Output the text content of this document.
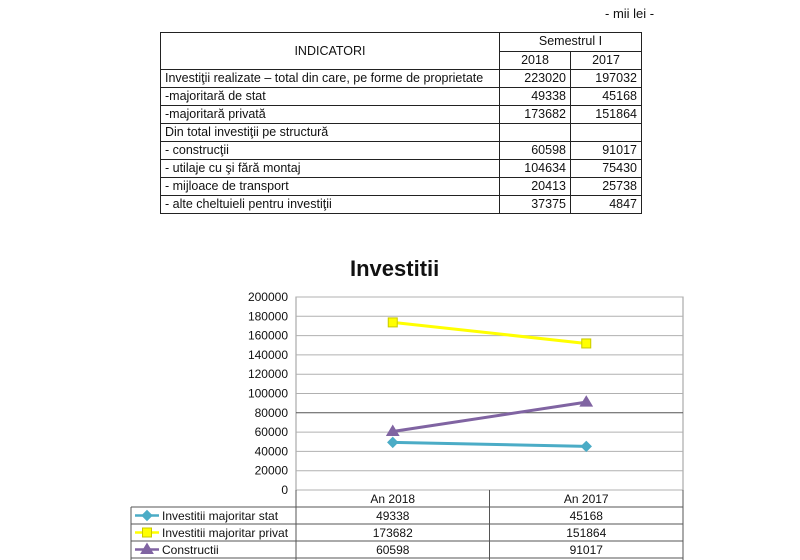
- mii lei -
INDICATORI	Semestrul I	
	2018	2017
Investiţii realizate – total din care, pe forme de proprietate	223020	197032
-majoritară de stat	49338	45168
-majoritară privată	173682	151864
Din total investiţii pe structură		
- construcţii	60598	91017
- utilaje cu şi fără montaj	104634	75430
- mijloace de transport	20413	25738
- alte cheltuieli pentru investiţii	37375	4847
Investitii
0
20000
40000
60000
80000
100000
120000
140000
160000
180000
200000
An 2018	An 2017
Investitii majoritar stat	49338	45168
Investitii majoritar privat	173682	151864
Constructii	60598	91017
